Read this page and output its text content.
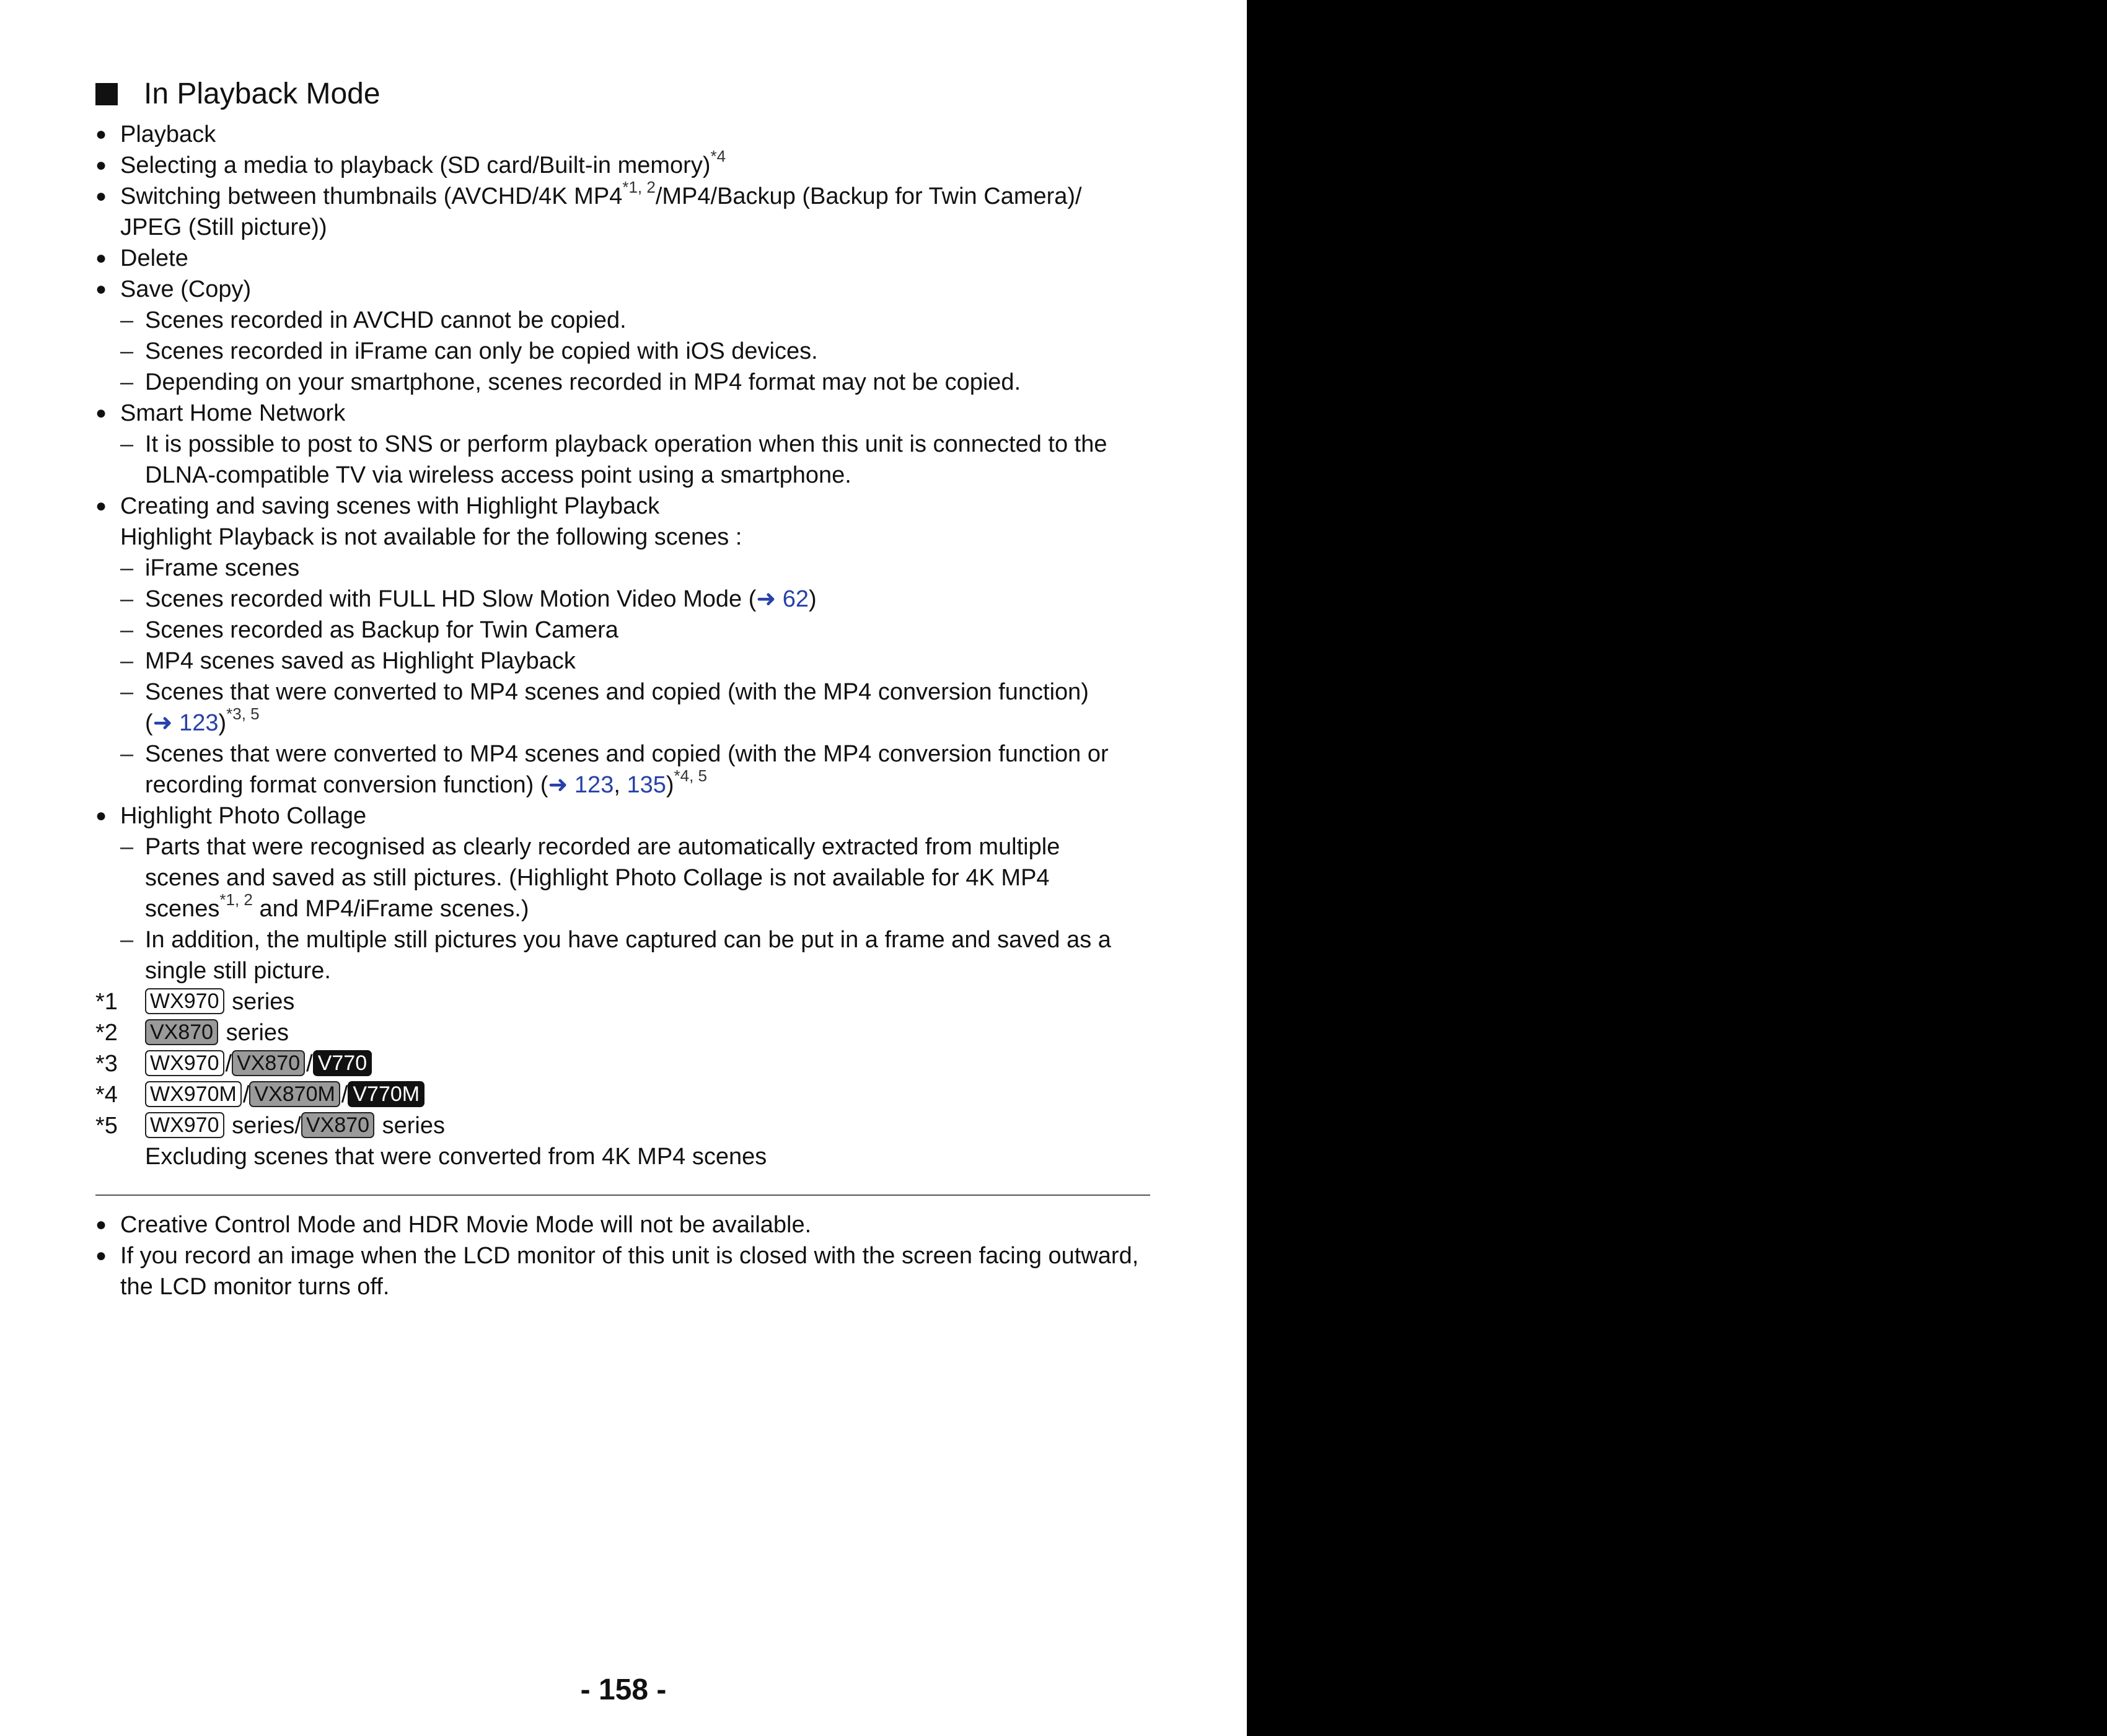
In Playback Mode
● Playback
● Selecting a media to playback (SD card/Built-in memory)$^{*4}$
● Switching between thumbnails (AVCHD/4K MP4$^{*1, 2}$/MP4/Backup (Backup for Twin Camera)/
JPEG (Still picture))
● Delete
● Save (Copy)
– Scenes recorded in AVCHD cannot be copied.
– Scenes recorded in iFrame can only be copied with iOS devices.
– Depending on your smartphone, scenes recorded in MP4 format may not be copied.
● Smart Home Network
– It is possible to post to SNS or perform playback operation when this unit is connected to the
DLNA-compatible TV via wireless access point using a smartphone.
● Creating and saving scenes with Highlight Playback
Highlight Playback is not available for the following scenes :
– iFrame scenes
– Scenes recorded with FULL HD Slow Motion Video Mode (➜ 62)
– Scenes recorded as Backup for Twin Camera
– MP4 scenes saved as Highlight Playback
– Scenes that were converted to MP4 scenes and copied (with the MP4 conversion function)
(➜ 123)$^{*3, 5}$
– Scenes that were converted to MP4 scenes and copied (with the MP4 conversion function or
recording format conversion function) (➜ 123, 135)$^{*4, 5}$
● Highlight Photo Collage
– Parts that were recognised as clearly recorded are automatically extracted from multiple
scenes and saved as still pictures. (Highlight Photo Collage is not available for 4K MP4
scenes$^{*1, 2}$ and MP4/iFrame scenes.)
– In addition, the multiple still pictures you have captured can be put in a frame and saved as a
single still picture.
*1	WX970 series
*2	VX870 series
*3	WX970 / VX870 / V770
*4	WX970M / VX870M / V770M
*5	WX970 series/ VX870 series
Excluding scenes that were converted from 4K MP4 scenes
● Creative Control Mode and HDR Movie Mode will not be available.
● If you record an image when the LCD monitor of this unit is closed with the screen facing outward,
the LCD monitor turns off.
- 158 -
